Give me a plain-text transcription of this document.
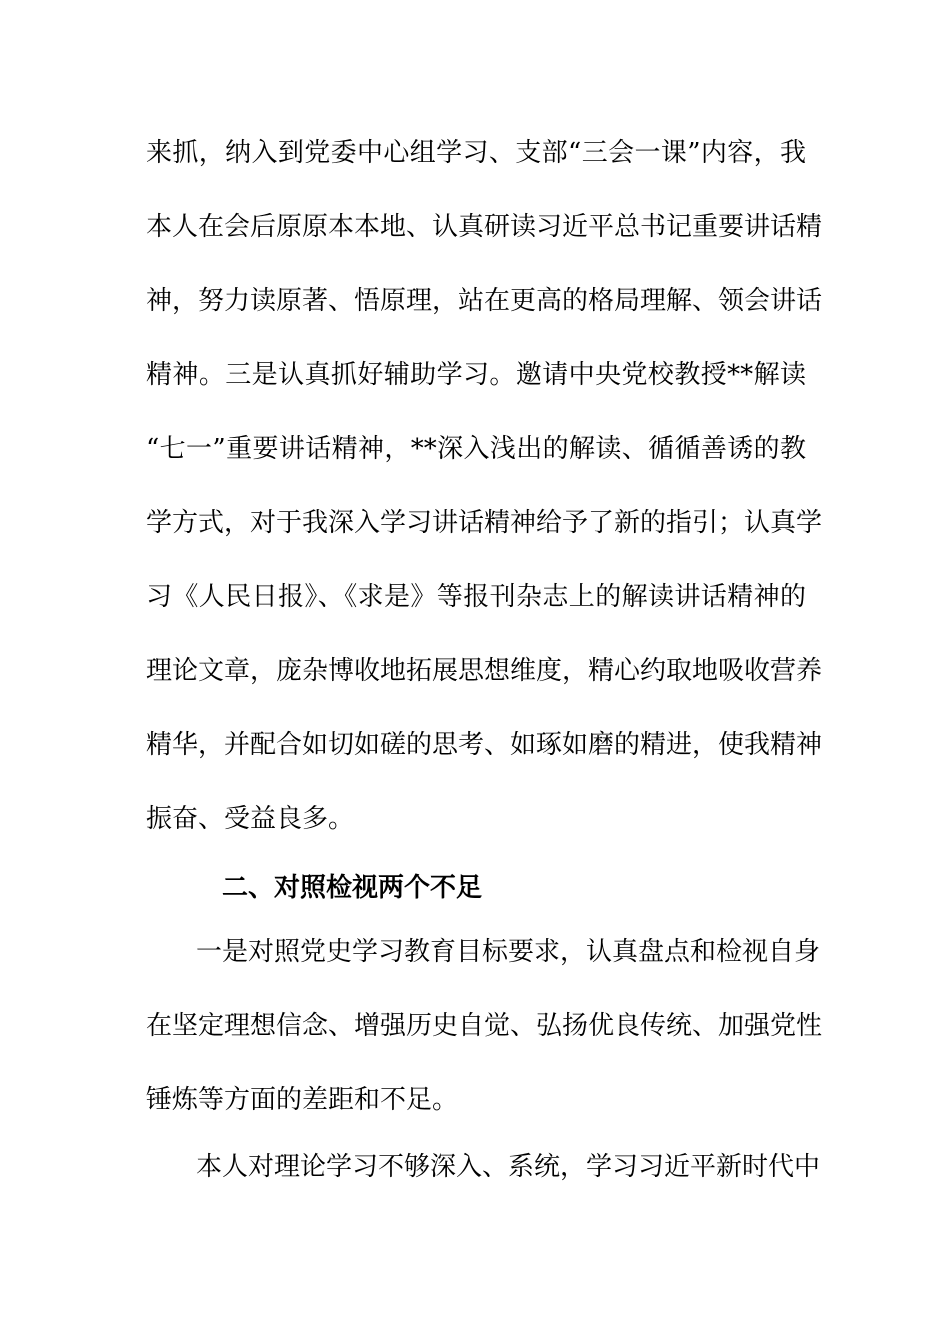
来抓，纳入到党委中心组学习、支部“三会一课”内容，我
本人在会后原原本本地、认真研读习近平总书记重要讲话精
神，努力读原著、悟原理，站在更高的格局理解、领会讲话
精神。三是认真抓好辅助学习。邀请中央党校教授**解读
“七一”重要讲话精神，**深入浅出的解读、循循善诱的教
学方式，对于我深入学习讲话精神给予了新的指引；认真学
习《人民日报》、《求是》等报刊杂志上的解读讲话精神的
理论文章，庞杂博收地拓展思想维度，精心约取地吸收营养
精华，并配合如切如磋的思考、如琢如磨的精进，使我精神
振奋、受益良多。
二、对照检视两个不足
一是对照党史学习教育目标要求，认真盘点和检视自身
在坚定理想信念、增强历史自觉、弘扬优良传统、加强党性
锤炼等方面的差距和不足。
本人对理论学习不够深入、系统，学习习近平新时代中
